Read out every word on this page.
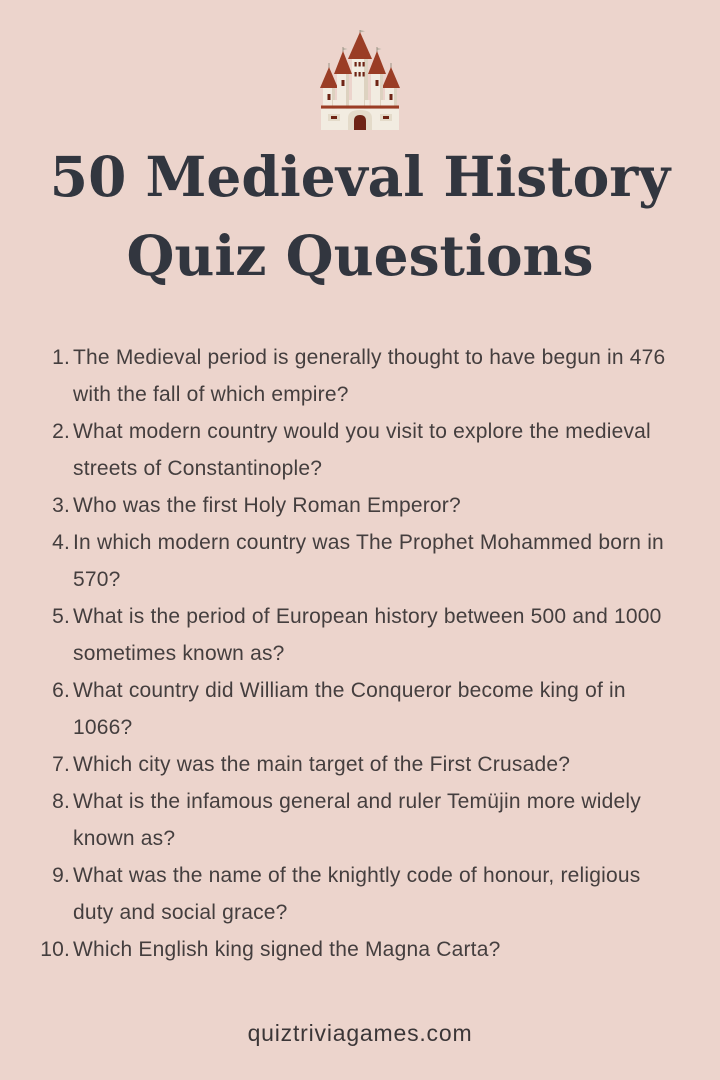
50 Medieval History
Quiz Questions
1. The Medieval period is generally thought to have begun in 476 with the fall of which empire?
2. What modern country would you visit to explore the medieval streets of Constantinople?
3. Who was the first Holy Roman Emperor?
4. In which modern country was The Prophet Mohammed born in 570?
5. What is the period of European history between 500 and 1000 sometimes known as?
6. What country did William the Conqueror become king of in 1066?
7. Which city was the main target of the First Crusade?
8. What is the infamous general and ruler Temüjin more widely known as?
9. What was the name of the knightly code of honour, religious duty and social grace?
10. Which English king signed the Magna Carta?
quiztriviagames.com
